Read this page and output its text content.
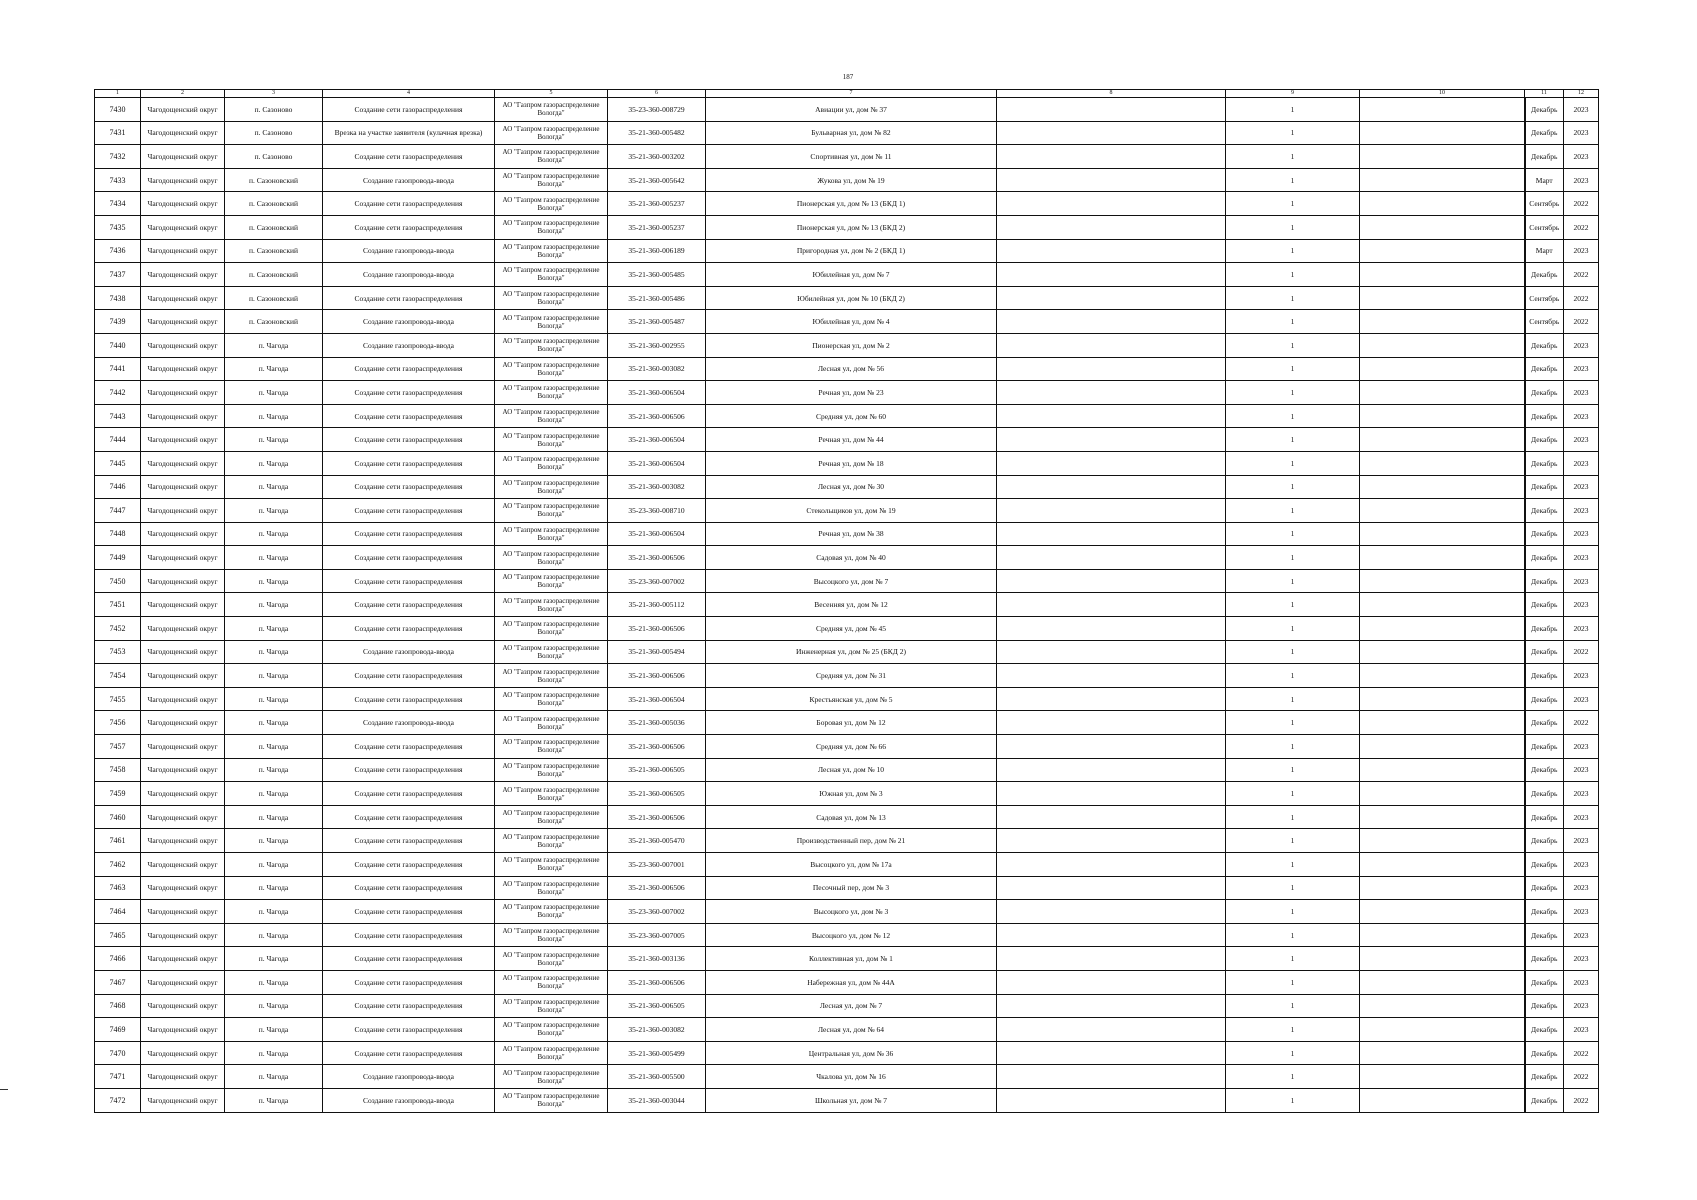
187
1	2	3	4	5	6	7	8	9	10	11	12
7430	Чагодощенский округ	п. Сазоново	Создание сети газораспределения	АО "Газпром газораспределение Вологда"	35-23-360-008729	Авиации ул, дом № 37		1		Декабрь	2023
7431	Чагодощенский округ	п. Сазоново	Врезка на участке заявителя (кулачная врезка)	АО "Газпром газораспределение Вологда"	35-21-360-005482	Бульварная ул, дом № 82		1		Декабрь	2023
7432	Чагодощенский округ	п. Сазоново	Создание сети газораспределения	АО "Газпром газораспределение Вологда"	35-21-360-003202	Спортивная ул, дом № 11		1		Декабрь	2023
7433	Чагодощенский округ	п. Сазоновский	Создание газопровода-ввода	АО "Газпром газораспределение Вологда"	35-21-360-005642	Жукова ул, дом № 19		1		Март	2023
7434	Чагодощенский округ	п. Сазоновский	Создание сети газораспределения	АО "Газпром газораспределение Вологда"	35-21-360-005237	Пионерская ул, дом № 13 (БКД 1)		1		Сентябрь	2022
7435	Чагодощенский округ	п. Сазоновский	Создание сети газораспределения	АО "Газпром газораспределение Вологда"	35-21-360-005237	Пионерская ул, дом № 13 (БКД 2)		1		Сентябрь	2022
7436	Чагодощенский округ	п. Сазоновский	Создание газопровода-ввода	АО "Газпром газораспределение Вологда"	35-21-360-006189	Пригородная ул, дом № 2 (БКД 1)		1		Март	2023
7437	Чагодощенский округ	п. Сазоновский	Создание газопровода-ввода	АО "Газпром газораспределение Вологда"	35-21-360-005485	Юбилейная ул, дом № 7		1		Декабрь	2022
7438	Чагодощенский округ	п. Сазоновский	Создание сети газораспределения	АО "Газпром газораспределение Вологда"	35-21-360-005486	Юбилейная ул, дом № 10 (БКД 2)		1		Сентябрь	2022
7439	Чагодощенский округ	п. Сазоновский	Создание газопровода-ввода	АО "Газпром газораспределение Вологда"	35-21-360-005487	Юбилейная ул, дом № 4		1		Сентябрь	2022
7440	Чагодощенский округ	п. Чагода	Создание газопровода-ввода	АО "Газпром газораспределение Вологда"	35-21-360-002955	Пионерская ул, дом № 2		1		Декабрь	2023
7441	Чагодощенский округ	п. Чагода	Создание сети газораспределения	АО "Газпром газораспределение Вологда"	35-21-360-003082	Лесная ул, дом № 56		1		Декабрь	2023
7442	Чагодощенский округ	п. Чагода	Создание сети газораспределения	АО "Газпром газораспределение Вологда"	35-21-360-006504	Речная ул, дом № 23		1		Декабрь	2023
7443	Чагодощенский округ	п. Чагода	Создание сети газораспределения	АО "Газпром газораспределение Вологда"	35-21-360-006506	Средняя ул, дом № 60		1		Декабрь	2023
7444	Чагодощенский округ	п. Чагода	Создание сети газораспределения	АО "Газпром газораспределение Вологда"	35-21-360-006504	Речная ул, дом № 44		1		Декабрь	2023
7445	Чагодощенский округ	п. Чагода	Создание сети газораспределения	АО "Газпром газораспределение Вологда"	35-21-360-006504	Речная ул, дом № 18		1		Декабрь	2023
7446	Чагодощенский округ	п. Чагода	Создание сети газораспределения	АО "Газпром газораспределение Вологда"	35-21-360-003082	Лесная ул, дом № 30		1		Декабрь	2023
7447	Чагодощенский округ	п. Чагода	Создание сети газораспределения	АО "Газпром газораспределение Вологда"	35-23-360-008710	Стекольщиков ул, дом № 19		1		Декабрь	2023
7448	Чагодощенский округ	п. Чагода	Создание сети газораспределения	АО "Газпром газораспределение Вологда"	35-21-360-006504	Речная ул, дом № 38		1		Декабрь	2023
7449	Чагодощенский округ	п. Чагода	Создание сети газораспределения	АО "Газпром газораспределение Вологда"	35-21-360-006506	Садовая ул, дом № 40		1		Декабрь	2023
7450	Чагодощенский округ	п. Чагода	Создание сети газораспределения	АО "Газпром газораспределение Вологда"	35-23-360-007002	Высоцкого ул, дом № 7		1		Декабрь	2023
7451	Чагодощенский округ	п. Чагода	Создание сети газораспределения	АО "Газпром газораспределение Вологда"	35-21-360-005112	Весенняя ул, дом № 12		1		Декабрь	2023
7452	Чагодощенский округ	п. Чагода	Создание сети газораспределения	АО "Газпром газораспределение Вологда"	35-21-360-006506	Средняя ул, дом № 45		1		Декабрь	2023
7453	Чагодощенский округ	п. Чагода	Создание газопровода-ввода	АО "Газпром газораспределение Вологда"	35-21-360-005494	Инженерная ул, дом № 25 (БКД 2)		1		Декабрь	2022
7454	Чагодощенский округ	п. Чагода	Создание сети газораспределения	АО "Газпром газораспределение Вологда"	35-21-360-006506	Средняя ул, дом № 31		1		Декабрь	2023
7455	Чагодощенский округ	п. Чагода	Создание сети газораспределения	АО "Газпром газораспределение Вологда"	35-21-360-006504	Крестьянская ул, дом № 5		1		Декабрь	2023
7456	Чагодощенский округ	п. Чагода	Создание газопровода-ввода	АО "Газпром газораспределение Вологда"	35-21-360-005036	Боровая ул, дом № 12		1		Декабрь	2022
7457	Чагодощенский округ	п. Чагода	Создание сети газораспределения	АО "Газпром газораспределение Вологда"	35-21-360-006506	Средняя ул, дом № 66		1		Декабрь	2023
7458	Чагодощенский округ	п. Чагода	Создание сети газораспределения	АО "Газпром газораспределение Вологда"	35-21-360-006505	Лесная ул, дом № 10		1		Декабрь	2023
7459	Чагодощенский округ	п. Чагода	Создание сети газораспределения	АО "Газпром газораспределение Вологда"	35-21-360-006505	Южная ул, дом № 3		1		Декабрь	2023
7460	Чагодощенский округ	п. Чагода	Создание сети газораспределения	АО "Газпром газораспределение Вологда"	35-21-360-006506	Садовая ул, дом № 13		1		Декабрь	2023
7461	Чагодощенский округ	п. Чагода	Создание сети газораспределения	АО "Газпром газораспределение Вологда"	35-21-360-005470	Производственный пер, дом № 21		1		Декабрь	2023
7462	Чагодощенский округ	п. Чагода	Создание сети газораспределения	АО "Газпром газораспределение Вологда"	35-23-360-007001	Высоцкого ул, дом № 17а		1		Декабрь	2023
7463	Чагодощенский округ	п. Чагода	Создание сети газораспределения	АО "Газпром газораспределение Вологда"	35-21-360-006506	Песочный пер, дом № 3		1		Декабрь	2023
7464	Чагодощенский округ	п. Чагода	Создание сети газораспределения	АО "Газпром газораспределение Вологда"	35-23-360-007002	Высоцкого ул, дом № 3		1		Декабрь	2023
7465	Чагодощенский округ	п. Чагода	Создание сети газораспределения	АО "Газпром газораспределение Вологда"	35-23-360-007005	Высоцкого ул, дом № 12		1		Декабрь	2023
7466	Чагодощенский округ	п. Чагода	Создание сети газораспределения	АО "Газпром газораспределение Вологда"	35-21-360-003136	Коллективная ул, дом № 1		1		Декабрь	2023
7467	Чагодощенский округ	п. Чагода	Создание сети газораспределения	АО "Газпром газораспределение Вологда"	35-21-360-006506	Набережная ул, дом № 44А		1		Декабрь	2023
7468	Чагодощенский округ	п. Чагода	Создание сети газораспределения	АО "Газпром газораспределение Вологда"	35-21-360-006505	Лесная ул, дом № 7		1		Декабрь	2023
7469	Чагодощенский округ	п. Чагода	Создание сети газораспределения	АО "Газпром газораспределение Вологда"	35-21-360-003082	Лесная ул, дом № 64		1		Декабрь	2023
7470	Чагодощенский округ	п. Чагода	Создание сети газораспределения	АО "Газпром газораспределение Вологда"	35-21-360-005499	Центральная ул, дом № 36		1		Декабрь	2022
7471	Чагодощенский округ	п. Чагода	Создание газопровода-ввода	АО "Газпром газораспределение Вологда"	35-21-360-005500	Чкалова ул, дом № 16		1		Декабрь	2022
7472	Чагодощенский округ	п. Чагода	Создание газопровода-ввода	АО "Газпром газораспределение Вологда"	35-21-360-003044	Школьная ул, дом № 7		1		Декабрь	2022
